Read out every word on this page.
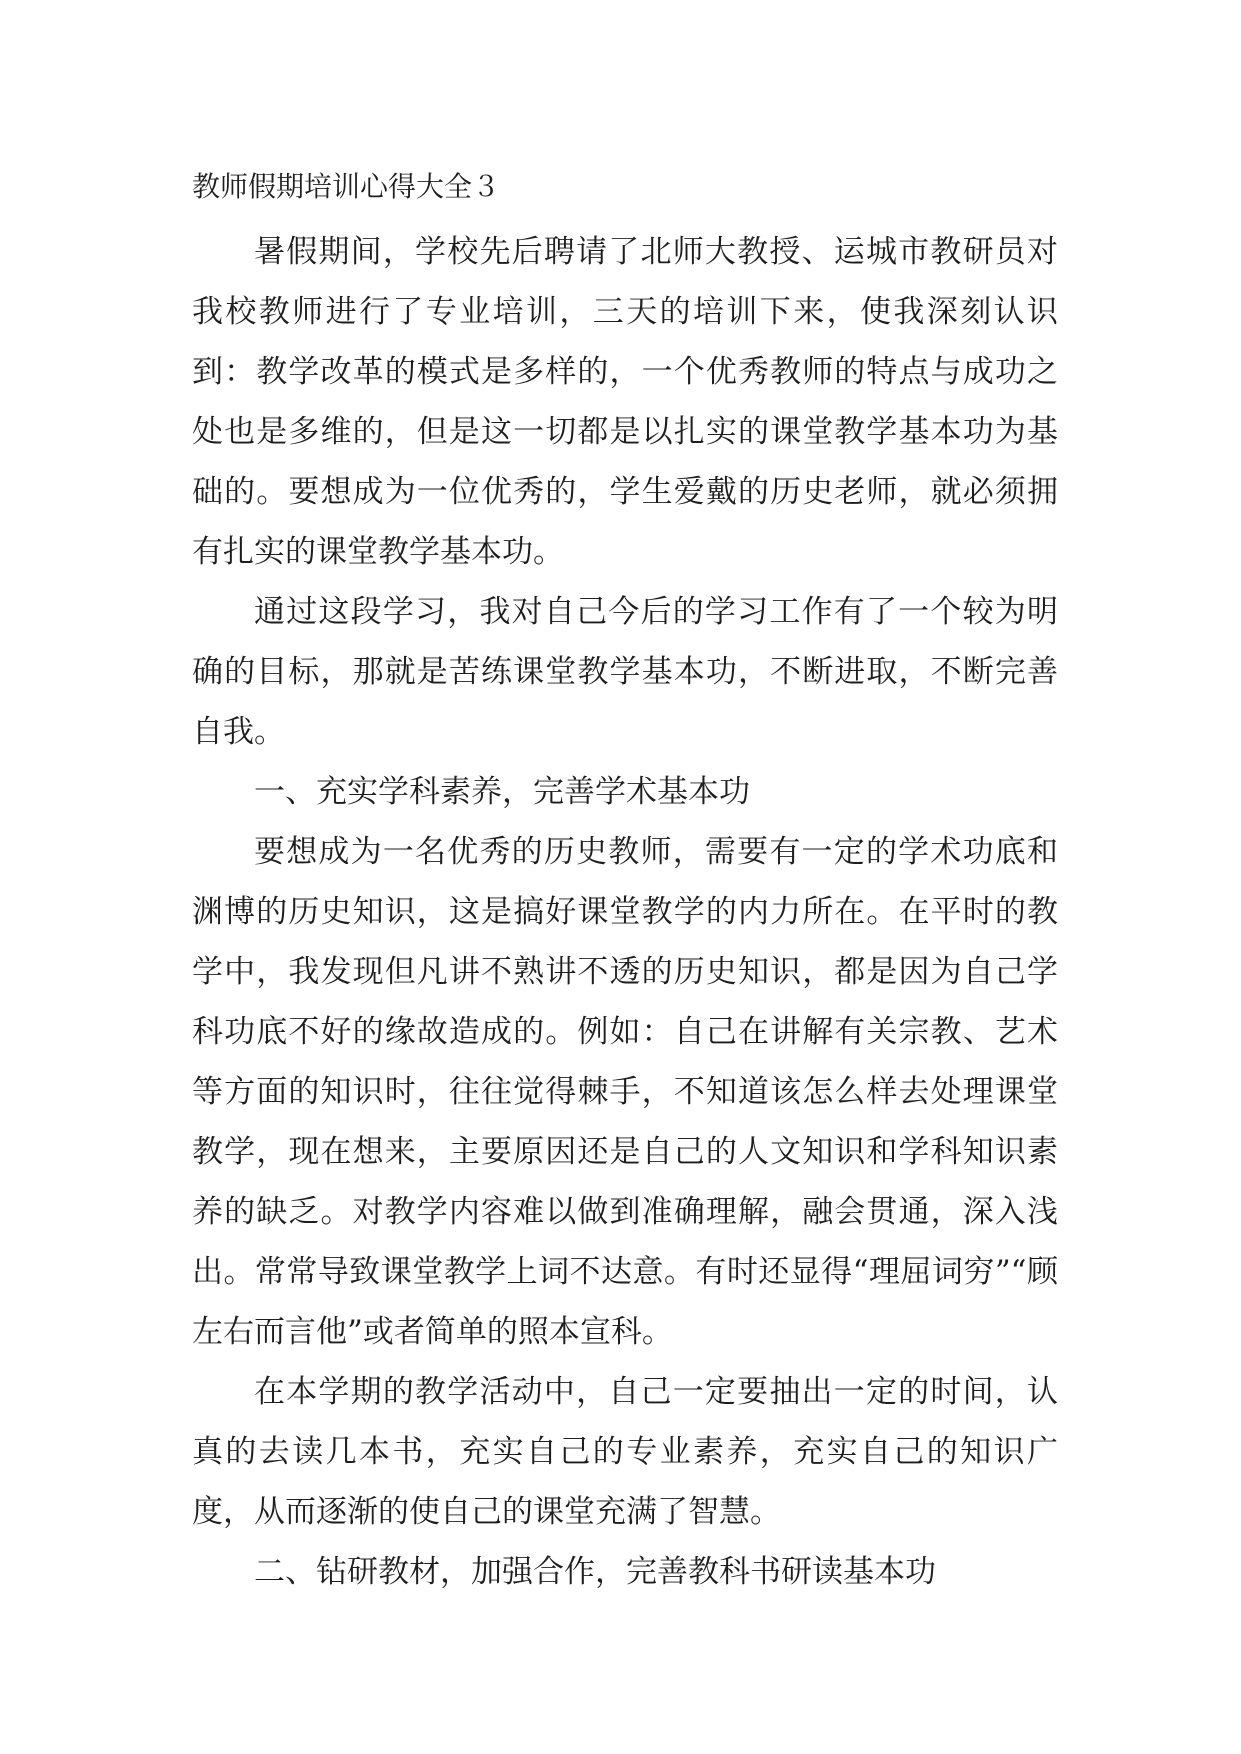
教师假期培训心得大全３

暑假期间，学校先后聘请了北师大教授、运城市教研员对我校教师进行了专业培训，三天的培训下来，使我深刻认识到：教学改革的模式是多样的，一个优秀教师的特点与成功之处也是多维的，但是这一切都是以扎实的课堂教学基本功为基础的。要想成为一位优秀的，学生爱戴的历史老师，就必须拥有扎实的课堂教学基本功。

通过这段学习，我对自己今后的学习工作有了一个较为明确的目标，那就是苦练课堂教学基本功，不断进取，不断完善自我。

一、充实学科素养，完善学术基本功

要想成为一名优秀的历史教师，需要有一定的学术功底和渊博的历史知识，这是搞好课堂教学的内力所在。在平时的教学中，我发现但凡讲不熟讲不透的历史知识，都是因为自己学科功底不好的缘故造成的。例如：自己在讲解有关宗教、艺术等方面的知识时，往往觉得棘手，不知道该怎么样去处理课堂教学，现在想来，主要原因还是自己的人文知识和学科知识素养的缺乏。对教学内容难以做到准确理解，融会贯通，深入浅出。常常导致课堂教学上词不达意。有时还显得“理屈词穷”“顾左右而言他”或者简单的照本宣科。

在本学期的教学活动中，自己一定要抽出一定的时间，认真的去读几本书，充实自己的专业素养，充实自己的知识广度，从而逐渐的使自己的课堂充满了智慧。

二、钻研教材，加强合作，完善教科书研读基本功
